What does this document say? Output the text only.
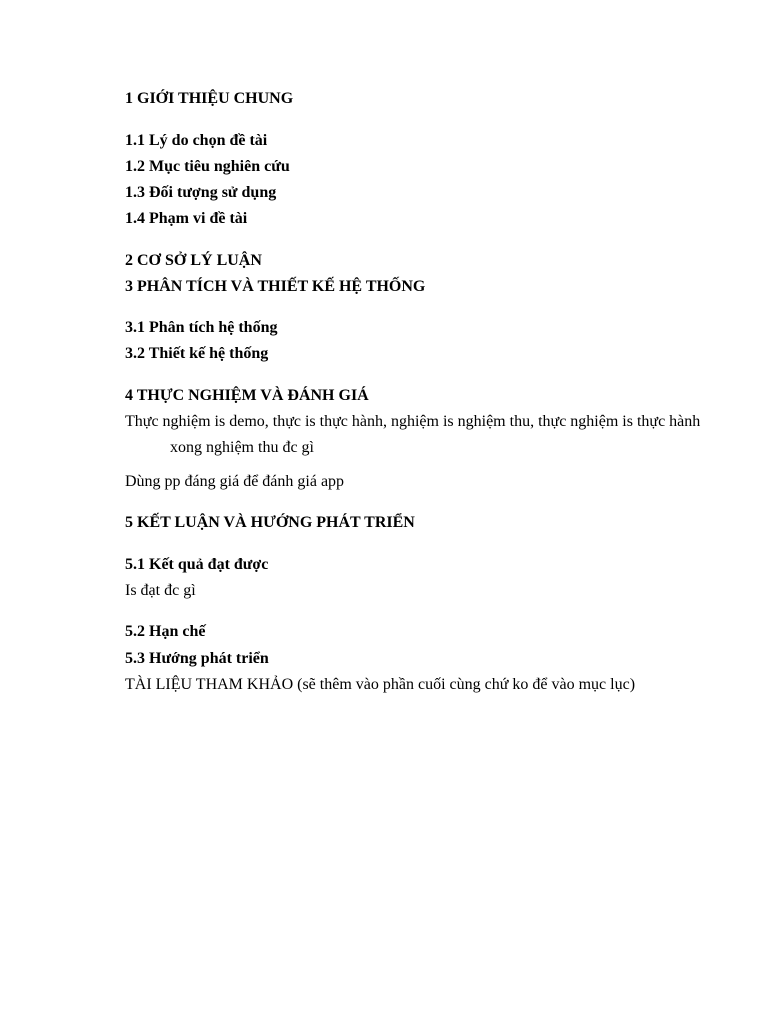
1 GIỚI THIỆU CHUNG
1.1 Lý do chọn đề tài
1.2 Mục tiêu nghiên cứu
1.3 Đối tượng sử dụng
1.4 Phạm vi đề tài
2 CƠ SỞ LÝ LUẬN
3 PHÂN TÍCH VÀ THIẾT KẾ HỆ THỐNG
3.1 Phân tích hệ thống
3.2 Thiết kế hệ thống
4 THỰC NGHIỆM VÀ ĐÁNH GIÁ
Thực nghiệm is demo, thực is thực hành, nghiệm is nghiệm thu, thực nghiệm is thực hành
xong nghiệm thu đc gì
Dùng pp đáng giá để đánh giá app
5 KẾT LUẬN VÀ HƯỚNG PHÁT TRIỂN
5.1 Kết quả đạt được
Is đạt đc gì
5.2 Hạn chế
5.3 Hướng phát triển
TÀI LIỆU THAM KHẢO (sẽ thêm vào phần cuối cùng chứ ko để vào mục lục)
